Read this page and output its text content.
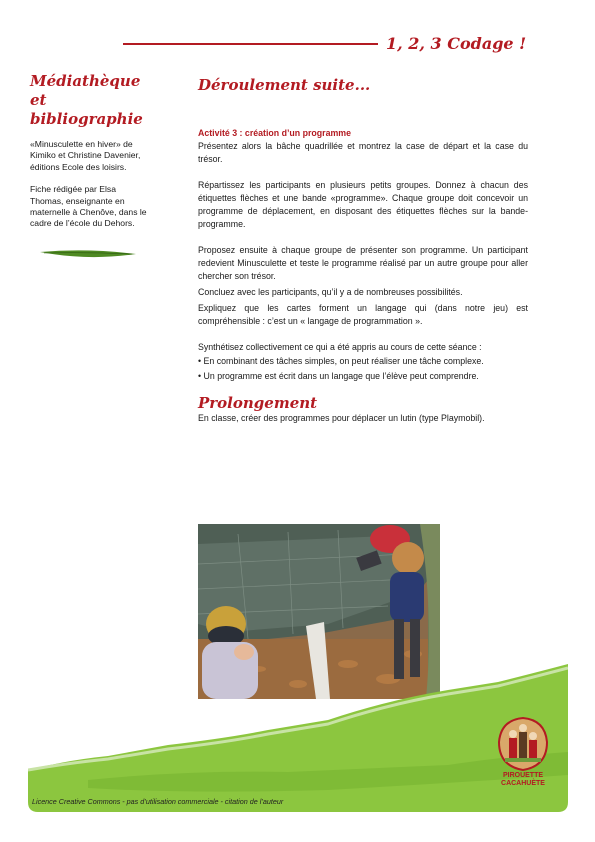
1, 2, 3 Codage !
Médiathèque et
bibliographie

«Minusculette en hiver» de Kimiko et Christine Davenier, éditions Ecole des loisirs.

Fiche rédigée par Elsa Thomas, enseignante en maternelle à Chenôve, dans le cadre de l’école du Dehors.

Déroulement suite...
Activité 3 : création d’un programme

Présentez alors la bâche quadrillée et montrez la case de départ et la case du trésor.

Répartissez les participants en plusieurs petits groupes. Donnez à chacun des étiquettes flèches et une bande «programme». Chaque groupe doit concevoir un programme de déplacement, en disposant des étiquettes flèches sur la bande-programme.

Proposez ensuite à chaque groupe de présenter son programme. Un participant redevient Minusculette et teste le programme réalisé par un autre groupe pour aller chercher son trésor.

Concluez avec les participants, qu’il y a de nombreuses possibilités.

Expliquez que les cartes forment un langage qui (dans notre jeu) est compréhensible : c’est un « langage de programmation ».

Synthétisez collectivement ce qui a été appris au cours de cette séance :

• En combinant des tâches simples, on peut réaliser une tâche complexe.

• Un programme est écrit dans un langage que l’élève peut comprendre.

Prolongement

En classe, créer des programmes pour déplacer un lutin (type Playmobil).

Licence Creative Commons - pas d’utilisation commerciale - citation de l’auteur
PIROUETTE
CACAHUÈTE
